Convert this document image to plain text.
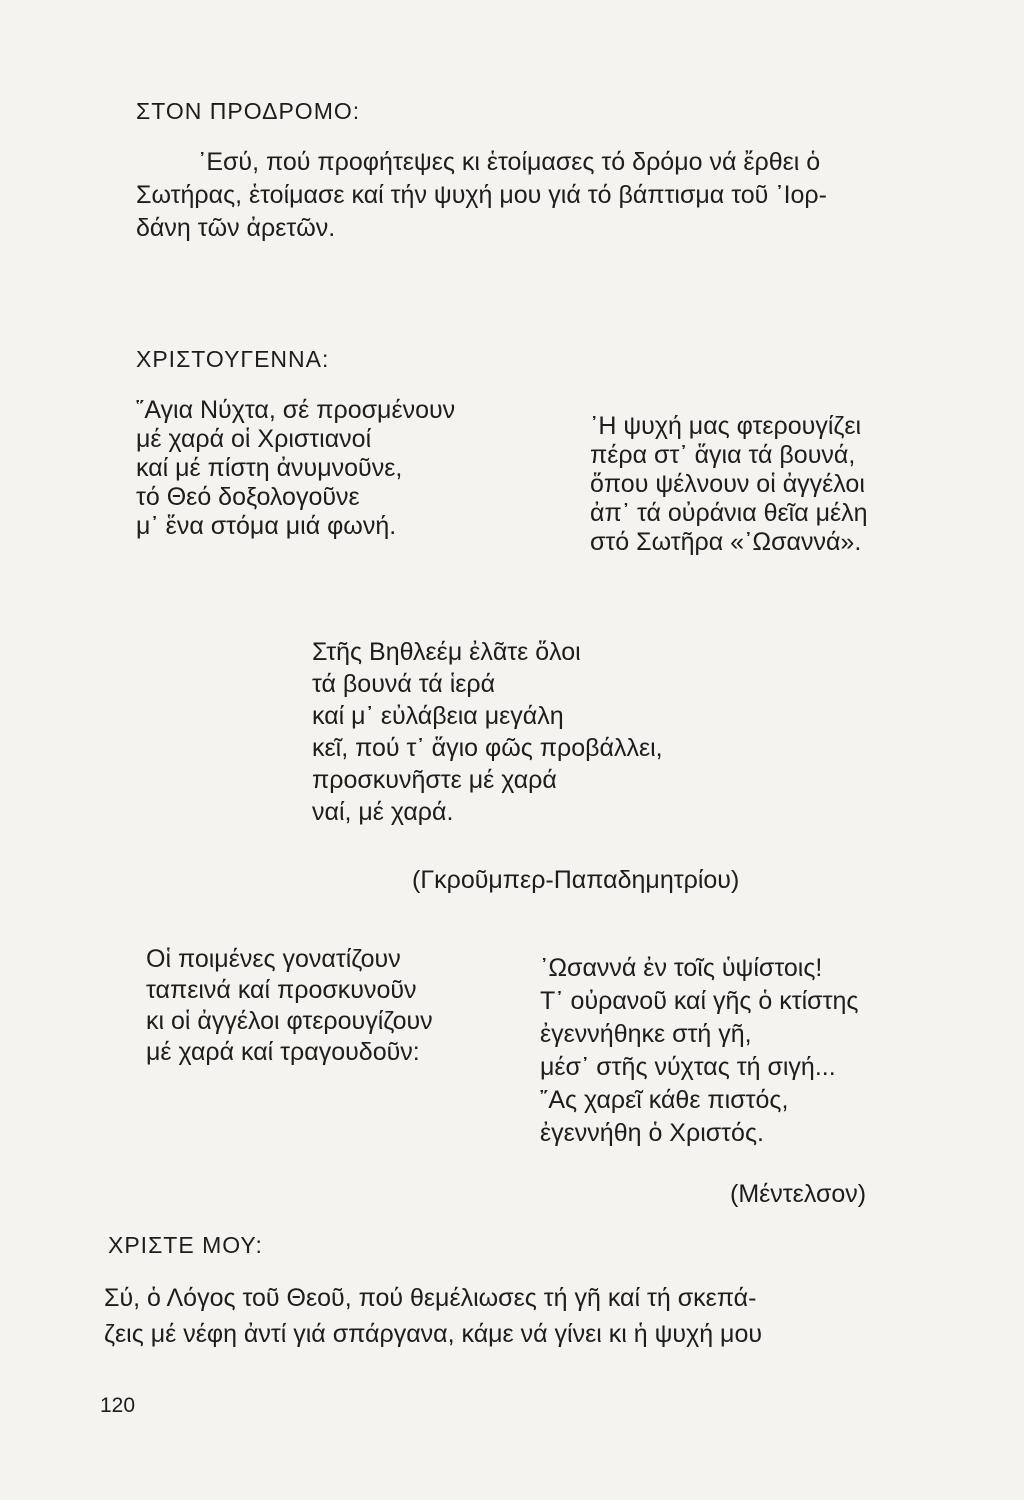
ΣΤΟΝ ΠΡΟΔΡΟΜΟ:

᾽Εσύ, πού προφήτεψες κι ἑτοίμασες τό δρόμο νά ἔρθει ὁ
Σωτήρας, ἑτοίμασε καί τήν ψυχή μου γιά τό βάπτισμα τοῦ ᾽Ιορ-
δάνη τῶν ἀρετῶν.

ΧΡΙΣΤΟΥΓΕΝΝΑ:
῞Αγια Νύχτα, σέ προσμένουν
μέ χαρά οἱ Χριστιανοί
καί μέ πίστη ἀνυμνοῦνε,
τό Θεό δοξολογοῦνε
μ᾽ ἕνα στόμα μιά φωνή.
᾽Η ψυχή μας φτερουγίζει
πέρα στ᾽ ἅγια τά βουνά,
ὅπου ψέλνουν οἱ ἀγγέλοι
ἀπ᾽ τά οὐράνια θεῖα μέλη
στό Σωτῆρα «᾽Ωσαννά».
Στῆς Βηθλεέμ ἐλᾶτε ὅλοι
τά βουνά τά ἱερά
καί μ᾽ εὐλάβεια μεγάλη
κεῖ, πού τ᾽ ἅγιο φῶς προβάλλει,
προσκυνῆστε μέ χαρά
ναί, μέ χαρά.
(Γκροῦμπερ-Παπαδημητρίου)
Οἱ ποιμένες γονατίζουν
ταπεινά καί προσκυνοῦν
κι οἱ ἀγγέλοι φτερουγίζουν
μέ χαρά καί τραγουδοῦν:
᾽Ωσαννά ἐν τοῖς ὑψίστοις!
Τ᾽ οὐρανοῦ καί γῆς ὁ κτίστης
ἐγεννήθηκε στή γῆ,
μέσ᾽ στῆς νύχτας τή σιγή...
῎Ας χαρεῖ κάθε πιστός,
ἐγεννήθη ὁ Χριστός.
(Μέντελσον)
ΧΡΙΣΤΕ ΜΟΥ:

Σύ, ὁ Λόγος τοῦ Θεοῦ, πού θεμέλιωσες τή γῆ καί τή σκεπά-
ζεις μέ νέφη ἀντί γιά σπάργανα, κάμε νά γίνει κι ἡ ψυχή μου

120
